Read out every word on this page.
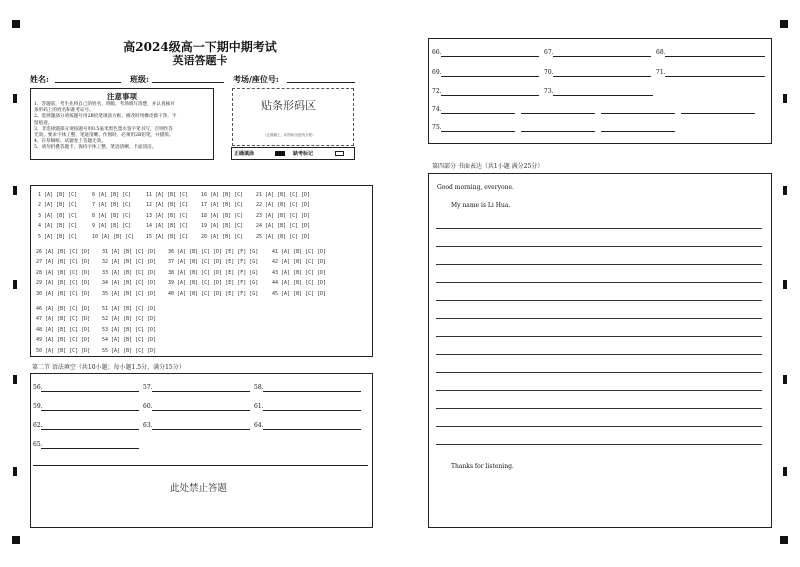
高2024级高一下期中期考试
英语答题卡
姓名:	班级:	考场/座位号:
注意事项
1、答题前，考生先将自己的姓名、班级、考场填写清楚，并认真核对
条形码上的姓名和准考证号。
2、选择题部分请按题号用2B铅笔填涂方框，修改时用橡皮擦干净，不
留痕迹。
3、非选择题部分请按题号用0.5毫米黑色墨水签字笔书写，否则作答
无效。要求字体工整、笔迹清晰。作图时，必须用2B铅笔，并描浓。
4、在草稿纸、试题卷上答题无效。
5、请勿折叠答题卡，保持字体工整、笔迹清晰、卡面清洁。
贴条形码区
（正面朝上，切勿贴出虚线方框）
正确填涂	缺考标记
1 [A] [B] [C]
2 [A] [B] [C]
3 [A] [B] [C]
4 [A] [B] [C]
5 [A] [B] [C]
6 [A] [B] [C]
7 [A] [B] [C]
8 [A] [B] [C]
9 [A] [B] [C]
10 [A] [B] [C]
11 [A] [B] [C]
12 [A] [B] [C]
13 [A] [B] [C]
14 [A] [B] [C]
15 [A] [B] [C]
16 [A] [B] [C]
17 [A] [B] [C]
18 [A] [B] [C]
19 [A] [B] [C]
20 [A] [B] [C]
21 [A] [B] [C] [D]
22 [A] [B] [C] [D]
23 [A] [B] [C] [D]
24 [A] [B] [C] [D]
25 [A] [B] [C] [D]
26 [A] [B] [C] [D]
27 [A] [B] [C] [D]
28 [A] [B] [C] [D]
29 [A] [B] [C] [D]
30 [A] [B] [C] [D]
31 [A] [B] [C] [D]
32 [A] [B] [C] [D]
33 [A] [B] [C] [D]
34 [A] [B] [C] [D]
35 [A] [B] [C] [D]
36 [A] [B] [C] [D] [E] [F] [G]
37 [A] [B] [C] [D] [E] [F] [G]
38 [A] [B] [C] [D] [E] [F] [G]
39 [A] [B] [C] [D] [E] [F] [G]
40 [A] [B] [C] [D] [E] [F] [G]
41 [A] [B] [C] [D]
42 [A] [B] [C] [D]
43 [A] [B] [C] [D]
44 [A] [B] [C] [D]
45 [A] [B] [C] [D]
46 [A] [B] [C] [D]
47 [A] [B] [C] [D]
48 [A] [B] [C] [D]
49 [A] [B] [C] [D]
50 [A] [B] [C] [D]
51 [A] [B] [C] [D]
52 [A] [B] [C] [D]
53 [A] [B] [C] [D]
54 [A] [B] [C] [D]
55 [A] [B] [C] [D]
第二节 语法填空（共10小题；每小题1.5分，满分15分）
56.	57.	58.
59.	60.	61.
62.	63.	64.
65.
此处禁止答题
66.	67.	68.
69.	70.	71.
72.	73.
74.
75.
第四部分 书面表达（共1小题 满分25分）
Good morning, everyone.
My name is Li Hua.
Thanks for listening.
